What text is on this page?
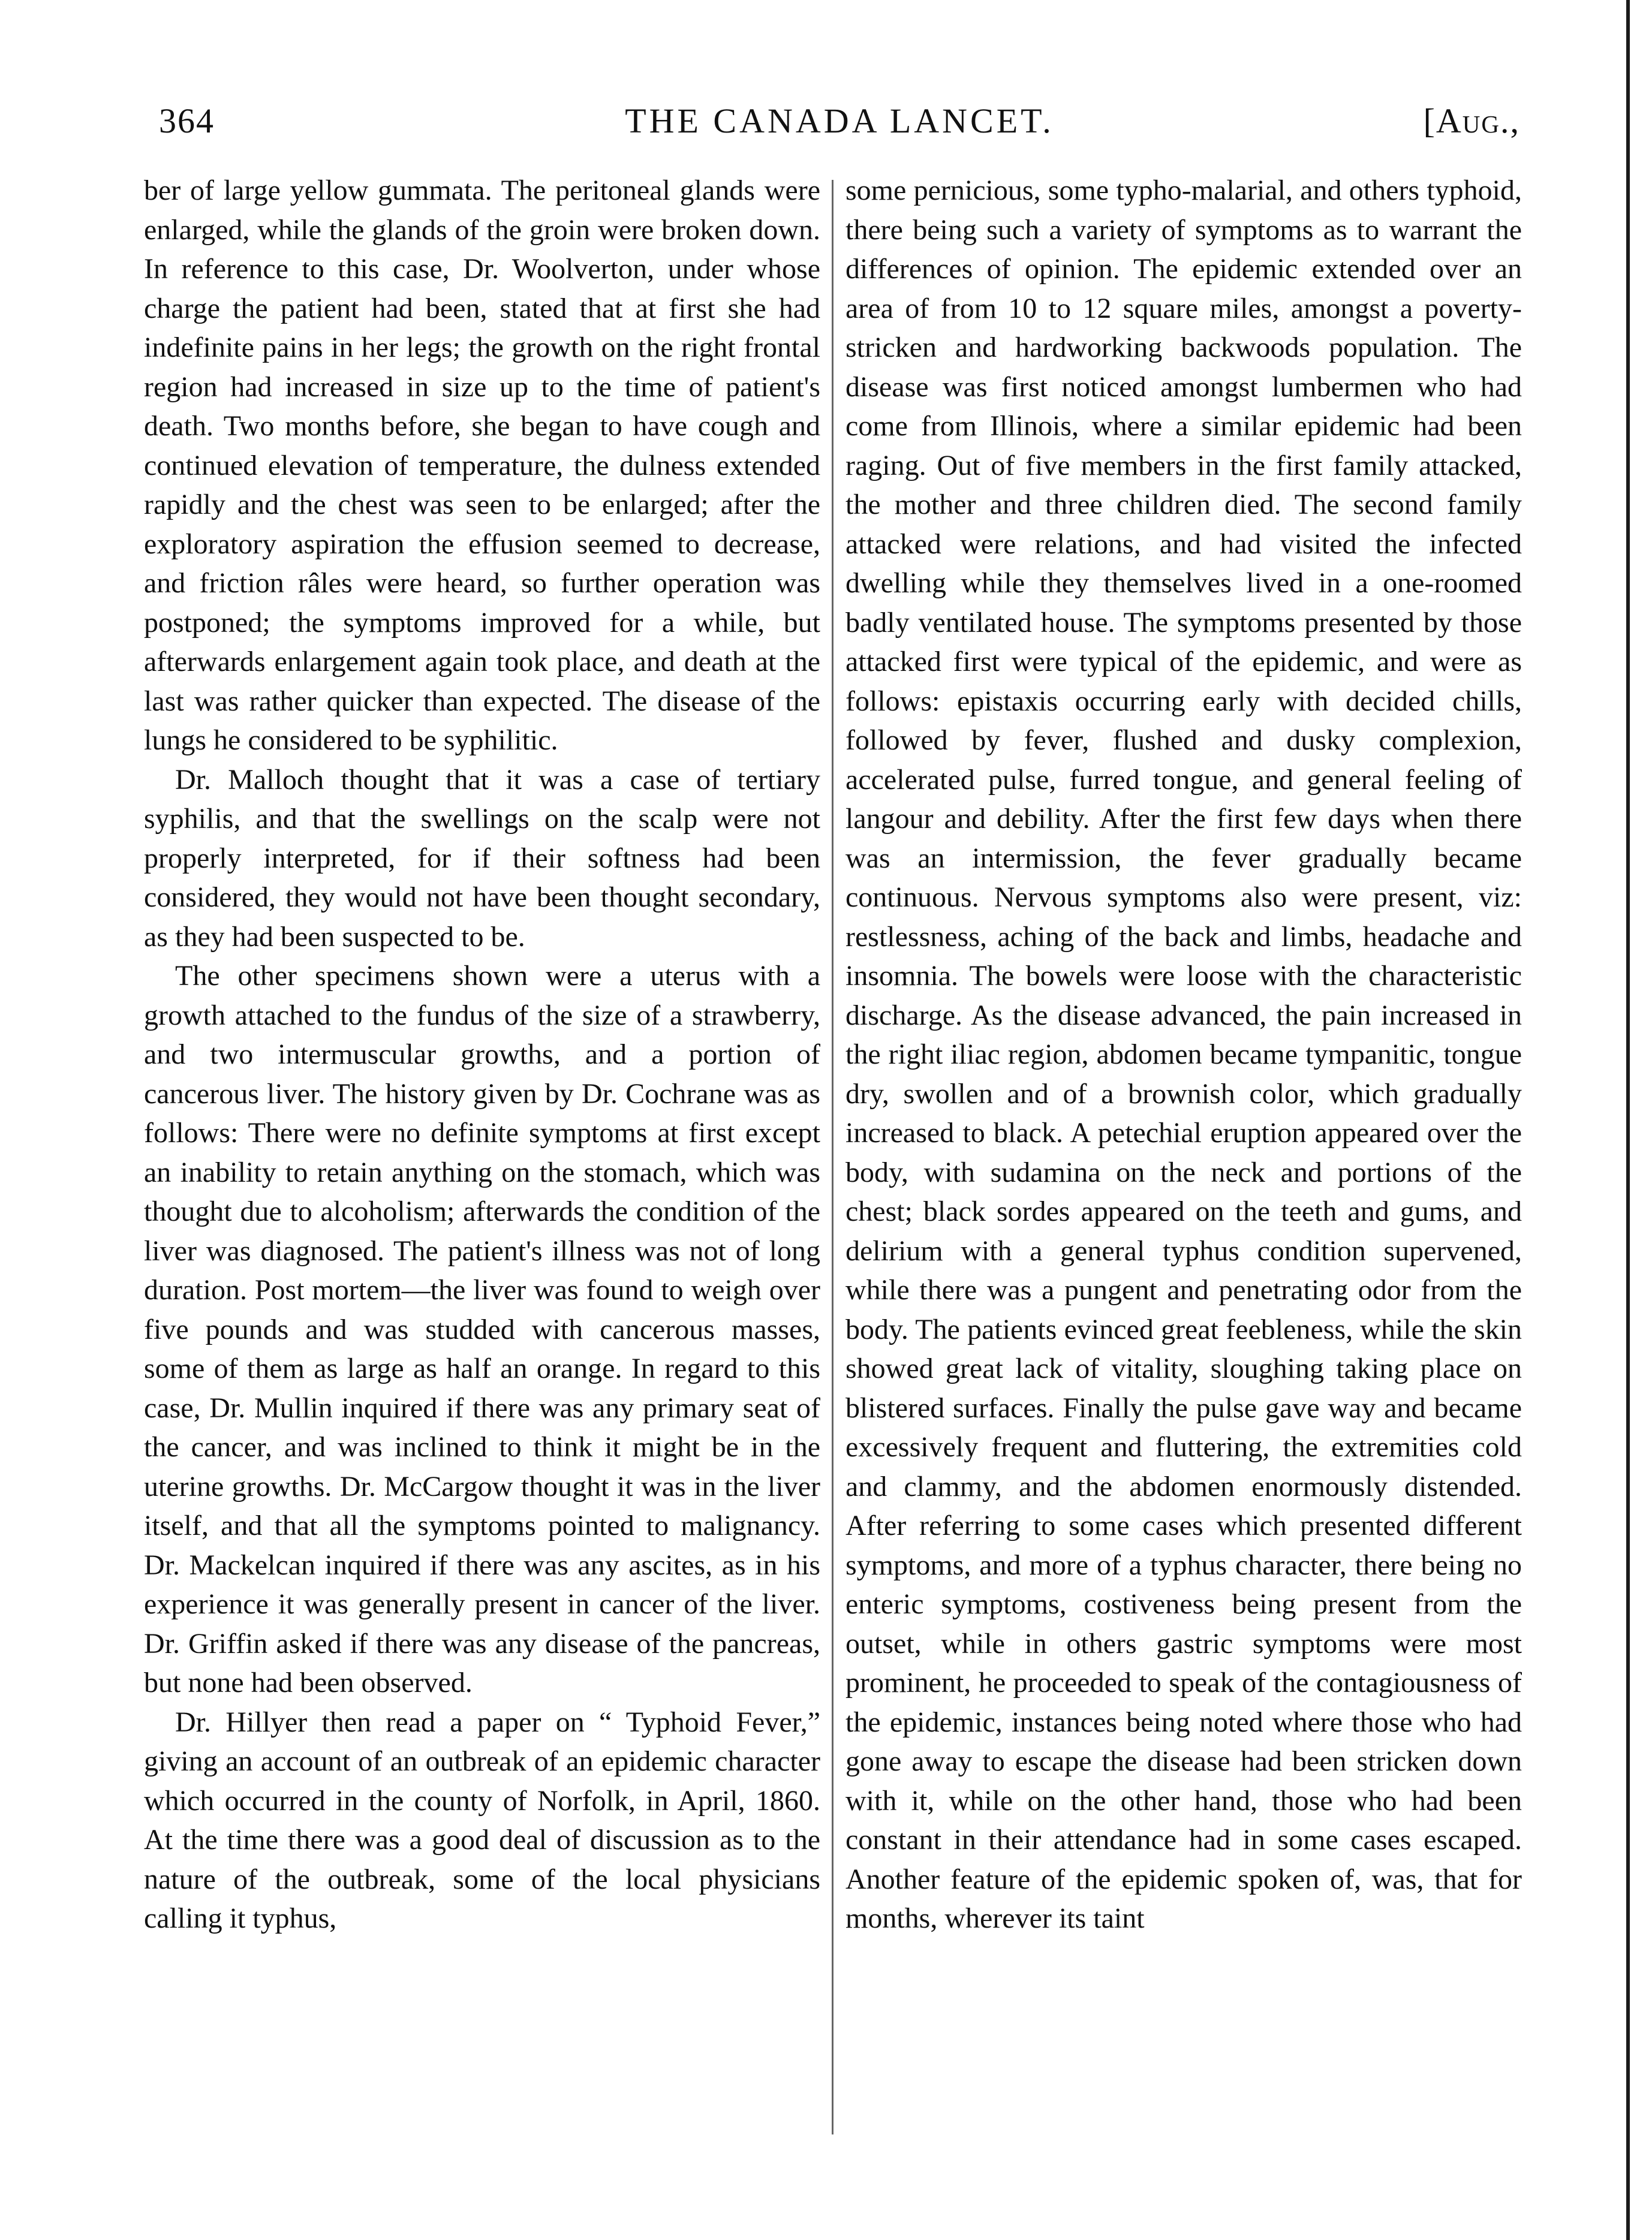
364	THE CANADA LANCET.	[Aug.,

ber of large yellow gummata. The peritoneal glands were enlarged, while the glands of the groin were broken down. In reference to this case, Dr. Woolverton, under whose charge the patient had been, stated that at first she had indefinite pains in her legs; the growth on the right frontal region had increased in size up to the time of patient's death. Two months before, she began to have cough and continued elevation of temperature, the dulness extended rapidly and the chest was seen to be enlarged; after the exploratory aspiration the effusion seemed to decrease, and friction râles were heard, so further operation was postponed; the symptoms improved for a while, but afterwards enlargement again took place, and death at the last was rather quicker than expected. The disease of the lungs he considered to be syphilitic.

Dr. Malloch thought that it was a case of tertiary syphilis, and that the swellings on the scalp were not properly interpreted, for if their softness had been considered, they would not have been thought secondary, as they had been suspected to be.

The other specimens shown were a uterus with a growth attached to the fundus of the size of a strawberry, and two intermuscular growths, and a portion of cancerous liver. The history given by Dr. Cochrane was as follows: There were no definite symptoms at first except an inability to retain anything on the stomach, which was thought due to alcoholism; afterwards the condition of the liver was diagnosed. The patient's illness was not of long duration. Post mortem—the liver was found to weigh over five pounds and was studded with cancerous masses, some of them as large as half an orange. In regard to this case, Dr. Mullin inquired if there was any primary seat of the cancer, and was inclined to think it might be in the uterine growths. Dr. McCargow thought it was in the liver itself, and that all the symptoms pointed to malignancy. Dr. Mackelcan inquired if there was any ascites, as in his experience it was generally present in cancer of the liver. Dr. Griffin asked if there was any disease of the pancreas, but none had been observed.

Dr. Hillyer then read a paper on “ Typhoid Fever,” giving an account of an outbreak of an epidemic character which occurred in the county of Norfolk, in April, 1860. At the time there was a good deal of discussion as to the nature of the outbreak, some of the local physicians calling it typhus,

some pernicious, some typho-malarial, and others typhoid, there being such a variety of symptoms as to warrant the differences of opinion. The epidemic extended over an area of from 10 to 12 square miles, amongst a poverty-stricken and hardworking backwoods population. The disease was first noticed amongst lumbermen who had come from Illinois, where a similar epidemic had been raging. Out of five members in the first family attacked, the mother and three children died. The second family attacked were relations, and had visited the infected dwelling while they themselves lived in a one-roomed badly ventilated house. The symptoms presented by those attacked first were typical of the epidemic, and were as follows: epistaxis occurring early with decided chills, followed by fever, flushed and dusky complexion, accelerated pulse, furred tongue, and general feeling of langour and debility. After the first few days when there was an intermission, the fever gradually became continuous. Nervous symptoms also were present, viz: restlessness, aching of the back and limbs, headache and insomnia. The bowels were loose with the characteristic discharge. As the disease advanced, the pain increased in the right iliac region, abdomen became tympanitic, tongue dry, swollen and of a brownish color, which gradually increased to black. A petechial eruption appeared over the body, with sudamina on the neck and portions of the chest; black sordes appeared on the teeth and gums, and delirium with a general typhus condition supervened, while there was a pungent and penetrating odor from the body. The patients evinced great feebleness, while the skin showed great lack of vitality, sloughing taking place on blistered surfaces. Finally the pulse gave way and became excessively frequent and fluttering, the extremities cold and clammy, and the abdomen enormously distended. After referring to some cases which presented different symptoms, and more of a typhus character, there being no enteric symptoms, costiveness being present from the outset, while in others gastric symptoms were most prominent, he proceeded to speak of the contagiousness of the epidemic, instances being noted where those who had gone away to escape the disease had been stricken down with it, while on the other hand, those who had been constant in their attendance had in some cases escaped. Another feature of the epidemic spoken of, was, that for months, wherever its taint
